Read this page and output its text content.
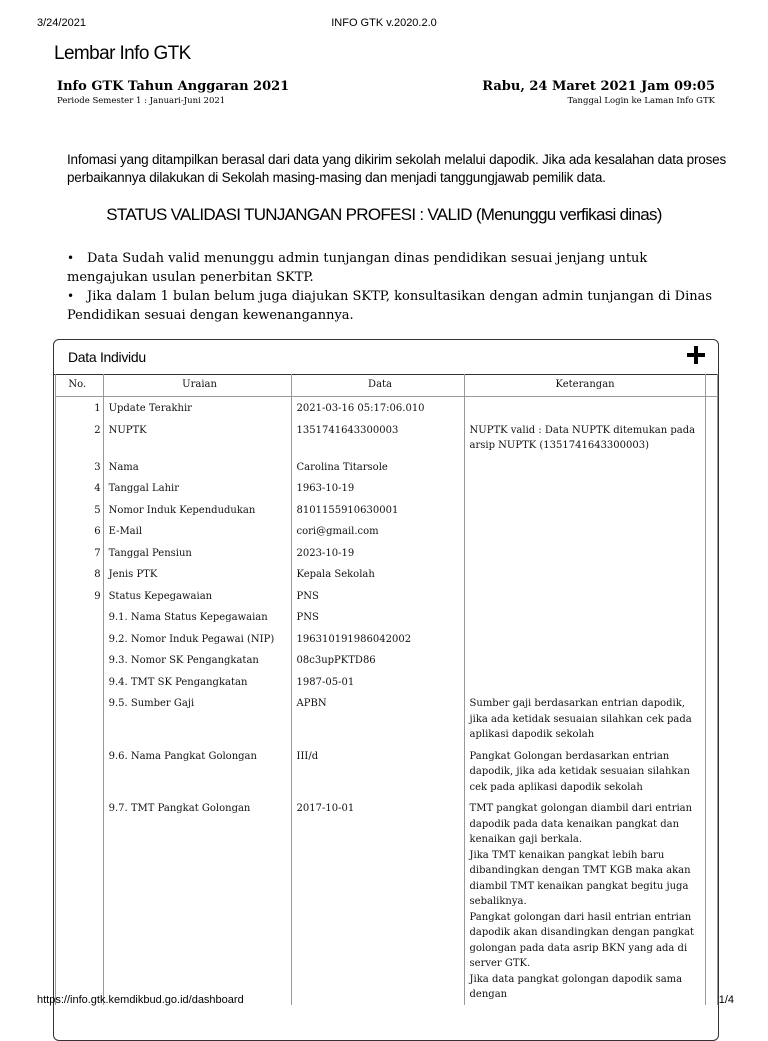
3/24/2021	INFO GTK v.2020.2.0
Lembar Info GTK
Info GTK Tahun Anggaran 2021
Periode Semester 1 : Januari-Juni 2021
Rabu, 24 Maret 2021 Jam 09:05
Tanggal Login ke Laman Info GTK
Infomasi yang ditampilkan berasal dari data yang dikirim sekolah melalui dapodik. Jika ada kesalahan data proses perbaikannya dilakukan di Sekolah masing-masing dan menjadi tanggungjawab pemilik data.
STATUS VALIDASI TUNJANGAN PROFESI : VALID (Menunggu verfikasi dinas)

• Data Sudah valid menunggu admin tunjangan dinas pendidikan sesuai jenjang untuk mengajukan usulan penerbitan SKTP.

• Jika dalam 1 bulan belum juga diajukan SKTP, konsultasikan dengan admin tunjangan di Dinas Pendidikan sesuai dengan kewenangannya.

Data Individu
No.	Uraian	Data	Keterangan	
1	Update Terakhir	2021-03-16 05:17:06.010		
2	NUPTK	1351741643300003	NUPTK valid : Data NUPTK ditemukan pada arsip NUPTK (1351741643300003)	
3	Nama	Carolina Titarsole		
4	Tanggal Lahir	1963-10-19		
5	Nomor Induk Kependudukan	8101155910630001		
6	E-Mail	cori@gmail.com		
7	Tanggal Pensiun	2023-10-19		
8	Jenis PTK	Kepala Sekolah		
9	Status Kepegawaian	PNS		
	9.1. Nama Status Kepegawaian	PNS		
	9.2. Nomor Induk Pegawai (NIP)	196310191986042002		
	9.3. Nomor SK Pengangkatan	08c3upPKTD86		
	9.4. TMT SK Pengangkatan	1987-05-01		
	9.5. Sumber Gaji	APBN	Sumber gaji berdasarkan entrian dapodik, jika ada ketidak sesuaian silahkan cek pada aplikasi dapodik sekolah	
	9.6. Nama Pangkat Golongan	III/d	Pangkat Golongan berdasarkan entrian dapodik, jika ada ketidak sesuaian silahkan cek pada aplikasi dapodik sekolah	
	9.7. TMT Pangkat Golongan	2017-10-01	TMT pangkat golongan diambil dari entrian dapodik pada data kenaikan pangkat dan kenaikan gaji berkala.
Jika TMT kenaikan pangkat lebih baru dibandingkan dengan TMT KGB maka akan diambil TMT kenaikan pangkat begitu juga sebaliknya.
Pangkat golongan dari hasil entrian entrian dapodik akan disandingkan dengan pangkat golongan pada data asrip BKN yang ada di server GTK.
Jika data pangkat golongan dapodik sama dengan	
https://info.gtk.kemdikbud.go.id/dashboard	1/4
